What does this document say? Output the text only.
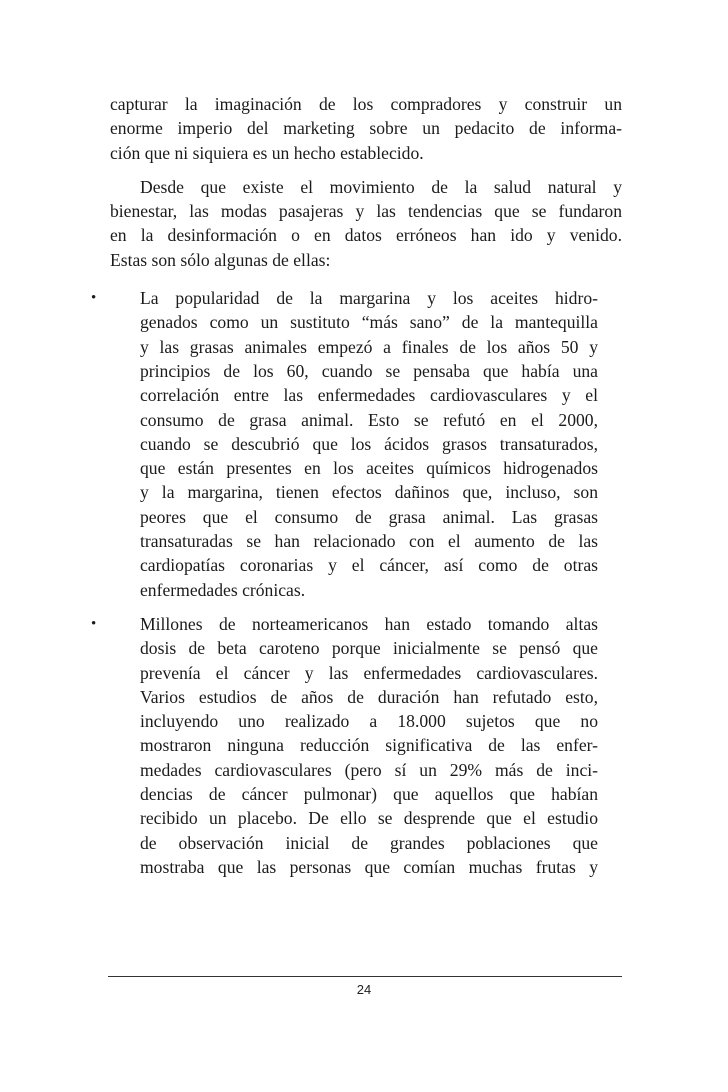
capturar la imaginación de los compradores y construir un
enorme imperio del marketing sobre un pedacito de informa-
ción que ni siquiera es un hecho establecido.
Desde que existe el movimiento de la salud natural y
bienestar, las modas pasajeras y las tendencias que se fundaron
en la desinformación o en datos erróneos han ido y venido.
Estas son sólo algunas de ellas:
• La popularidad de la margarina y los aceites hidro-
genados como un sustituto “más sano” de la mantequilla
y las grasas animales empezó a finales de los años 50 y
principios de los 60, cuando se pensaba que había una
correlación entre las enfermedades cardiovasculares y el
consumo de grasa animal. Esto se refutó en el 2000,
cuando se descubrió que los ácidos grasos transaturados,
que están presentes en los aceites químicos hidrogenados
y la margarina, tienen efectos dañinos que, incluso, son
peores que el consumo de grasa animal. Las grasas
transaturadas se han relacionado con el aumento de las
cardiopatías coronarias y el cáncer, así como de otras
enfermedades crónicas.
• Millones de norteamericanos han estado tomando altas
dosis de beta caroteno porque inicialmente se pensó que
prevenía el cáncer y las enfermedades cardiovasculares.
Varios estudios de años de duración han refutado esto,
incluyendo uno realizado a 18.000 sujetos que no
mostraron ninguna reducción significativa de las enfer-
medades cardiovasculares (pero sí un 29% más de inci-
dencias de cáncer pulmonar) que aquellos que habían
recibido un placebo. De ello se desprende que el estudio
de observación inicial de grandes poblaciones que
mostraba que las personas que comían muchas frutas y
24
